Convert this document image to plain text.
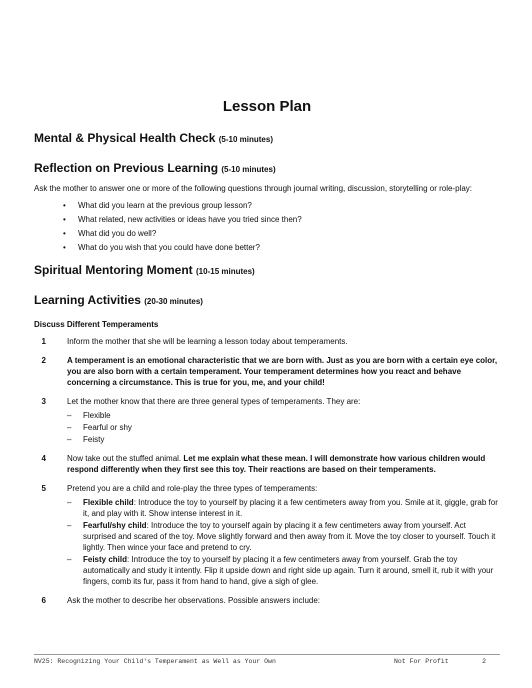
Lesson Plan
Mental & Physical Health Check (5-10 minutes)
Reflection on Previous Learning (5-10 minutes)

Ask the mother to answer one or more of the following questions through journal writing, discussion, storytelling or role-play:

• What did you learn at the previous group lesson?
• What related, new activities or ideas have you tried since then?
• What did you do well?
• What do you wish that you could have done better?
Spiritual Mentoring Moment (10-15 minutes)
Learning Activities (20-30 minutes)
Discuss Different Temperaments
1	Inform the mother that she will be learning a lesson today about temperaments.
2	A temperament is an emotional characteristic that we are born with. Just as you are born with a certain eye color, you are also born with a certain temperament. Your temperament determines how you react and behave concerning a circumstance. This is true for you, me, and your child!
3	Let the mother know that there are three general types of temperaments. They are:
– Flexible
– Fearful or shy
– Feisty
4	Now take out the stuffed animal. Let me explain what these mean. I will demonstrate how various children would respond differently when they first see this toy. Their reactions are based on their temperaments.
5	Pretend you are a child and role-play the three types of temperaments:
– Flexible child: Introduce the toy to yourself by placing it a few centimeters away from you. Smile at it, giggle, grab for it, and play with it. Show intense interest in it.
– Fearful/shy child: Introduce the toy to yourself again by placing it a few centimeters away from yourself. Act surprised and scared of the toy. Move slightly forward and then away from it. Move the toy closer to yourself. Touch it lightly. Then wince your face and pretend to cry.
– Feisty child: Introduce the toy to yourself by placing it a few centimeters away from yourself. Grab the toy automatically and study it intently. Flip it upside down and right side up again. Turn it around, smell it, rub it with your fingers, comb its fur, pass it from hand to hand, give a sigh of glee.
6	Ask the mother to describe her observations. Possible answers include:
NV25: Recognizing Your Child's Temperament as Well as Your Own	Not For Profit	2
